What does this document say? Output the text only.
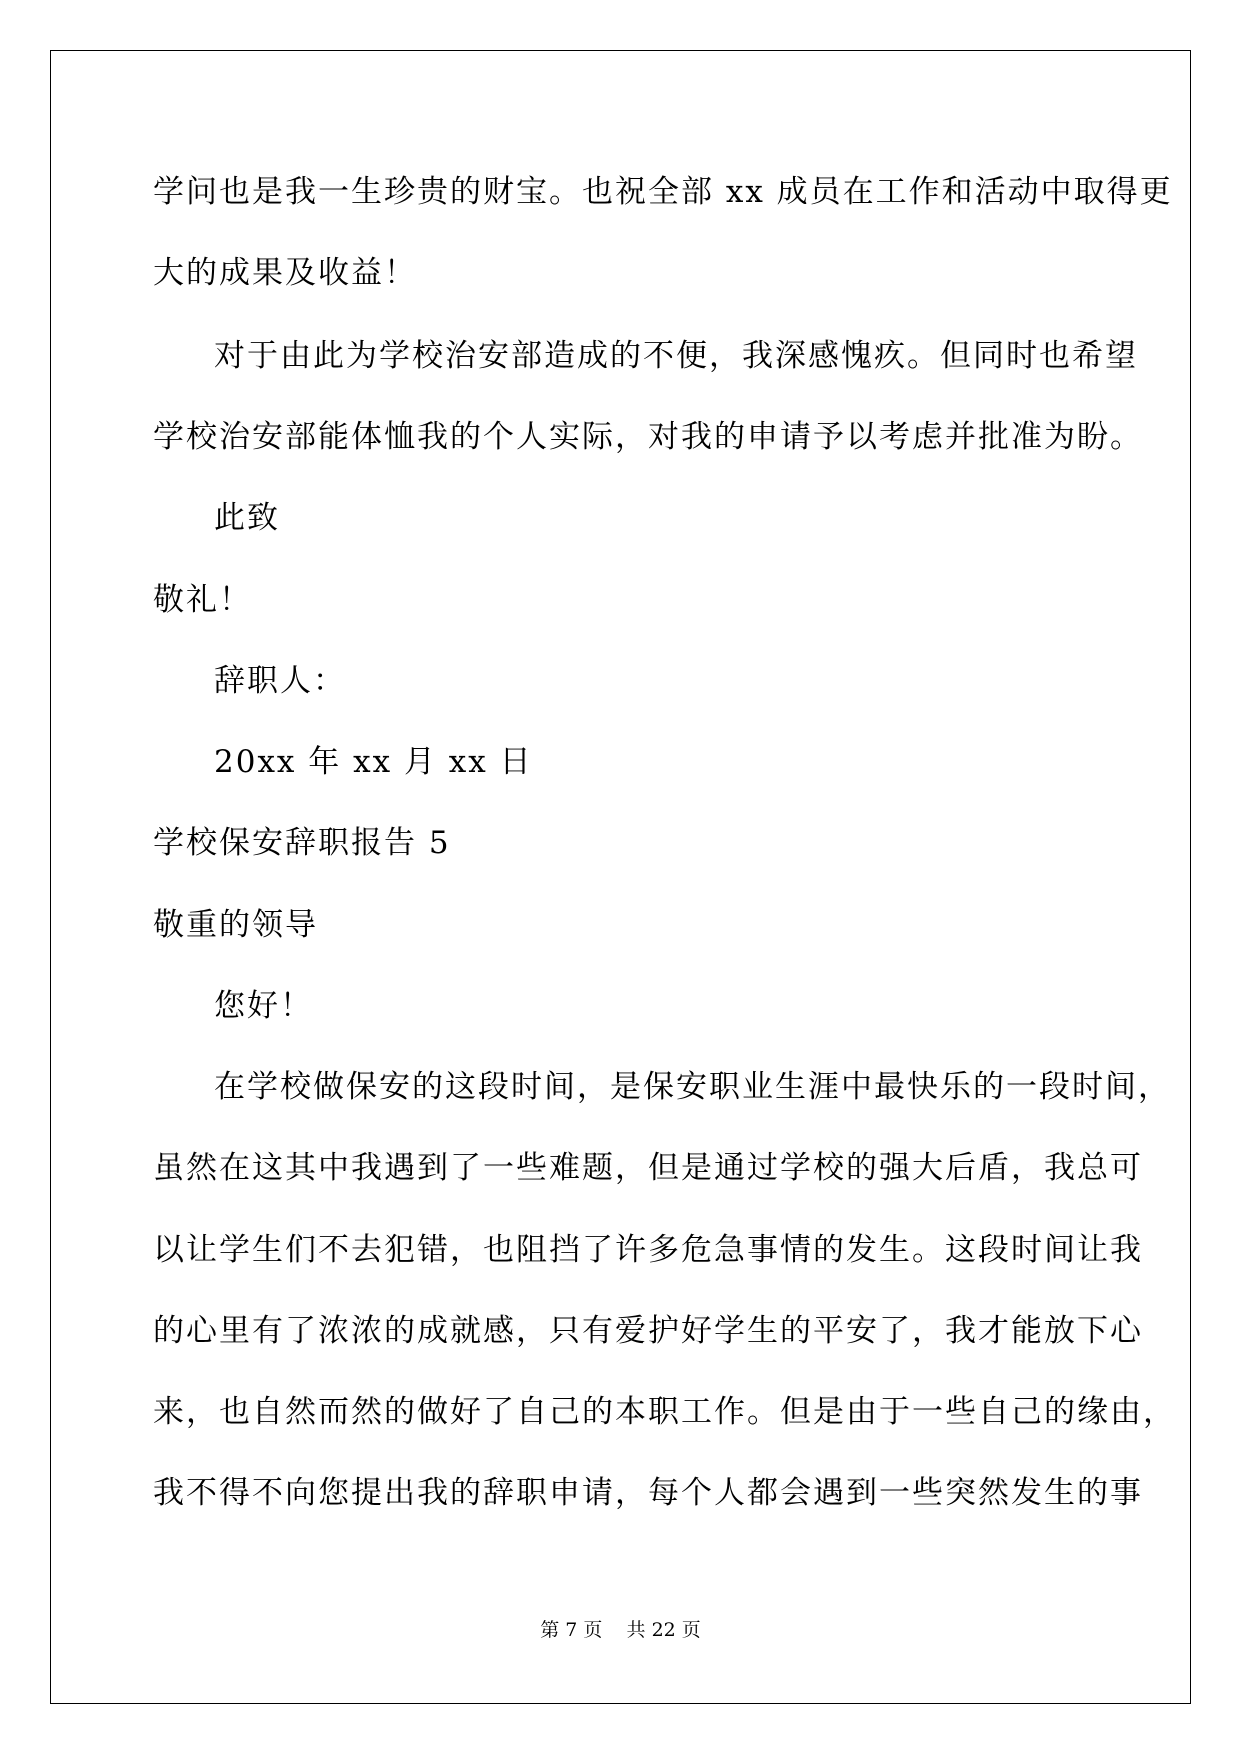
学问也是我一生珍贵的财宝。也祝全部 xx 成员在工作和活动中取得更

大的成果及收益！

对于由此为学校治安部造成的不便，我深感愧疚。但同时也希望

学校治安部能体恤我的个人实际，对我的申请予以考虑并批准为盼。

此致

敬礼！

辞职人：

20xx 年 xx 月 xx 日

学校保安辞职报告 5

敬重的领导

您好！

在学校做保安的这段时间，是保安职业生涯中最快乐的一段时间，

虽然在这其中我遇到了一些难题，但是通过学校的强大后盾，我总可

以让学生们不去犯错，也阻挡了许多危急事情的发生。这段时间让我

的心里有了浓浓的成就感，只有爱护好学生的平安了，我才能放下心

来，也自然而然的做好了自己的本职工作。但是由于一些自己的缘由，

我不得不向您提出我的辞职申请，每个人都会遇到一些突然发生的事

第 7 页    共 22 页
